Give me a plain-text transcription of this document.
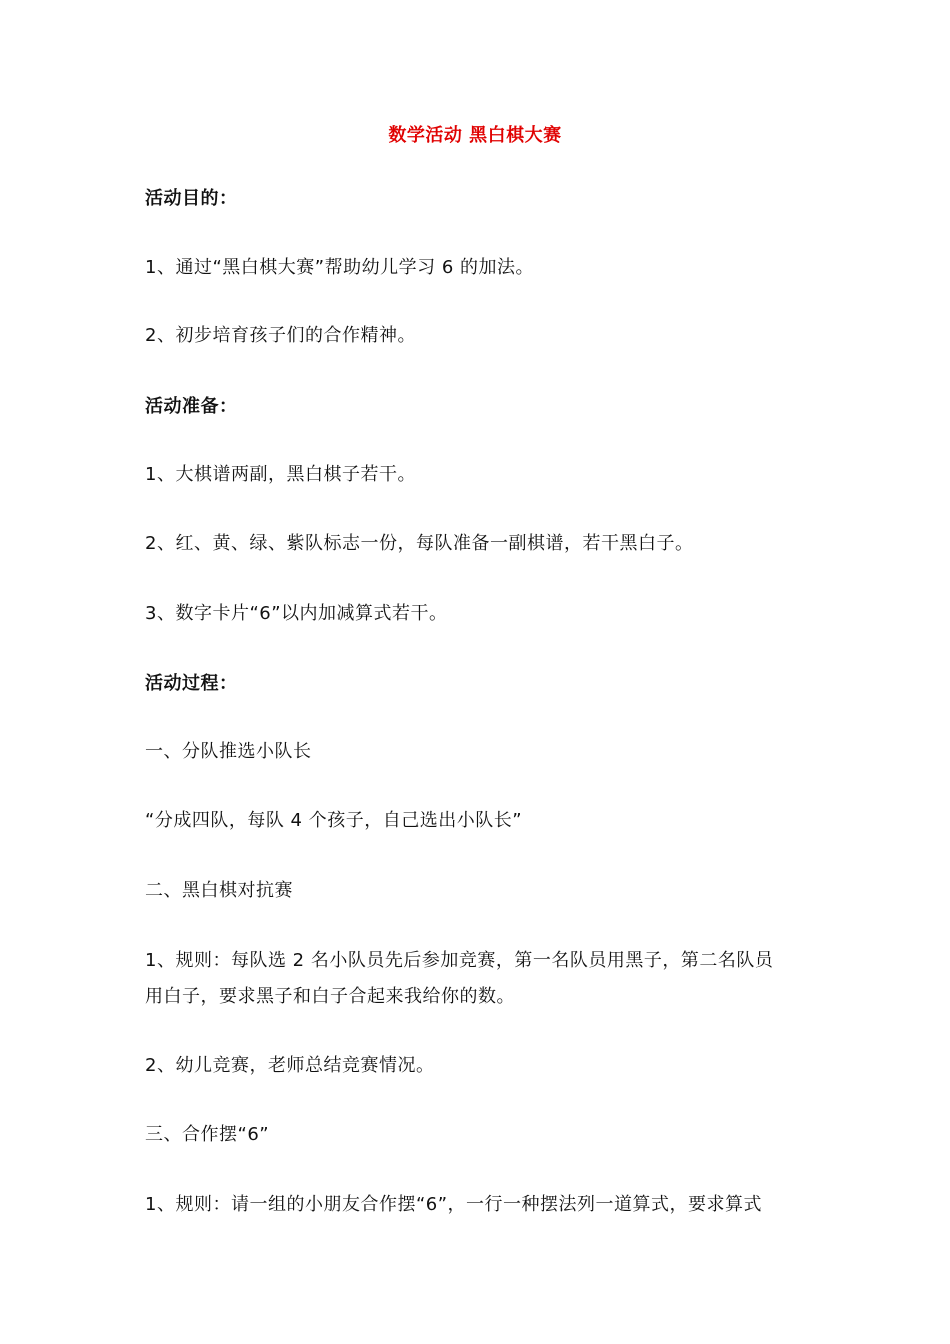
数学活动 黑白棋大赛
活动目的：
1、通过“黑白棋大赛”帮助幼儿学习 6 的加法。
2、初步培育孩子们的合作精神。
活动准备：
1、大棋谱两副，黑白棋子若干。
2、红、黄、绿、紫队标志一份，每队准备一副棋谱，若干黑白子。
3、数字卡片“6”以内加减算式若干。
活动过程：
一、分队推选小队长
“分成四队，每队 4 个孩子，自己选出小队长”
二、黑白棋对抗赛
1、规则：每队选 2 名小队员先后参加竞赛，第一名队员用黑子，第二名队员
用白子，要求黑子和白子合起来我给你的数。
2、幼儿竞赛，老师总结竞赛情况。
三、合作摆“6”
1、规则：请一组的小朋友合作摆“6”，一行一种摆法列一道算式，要求算式
